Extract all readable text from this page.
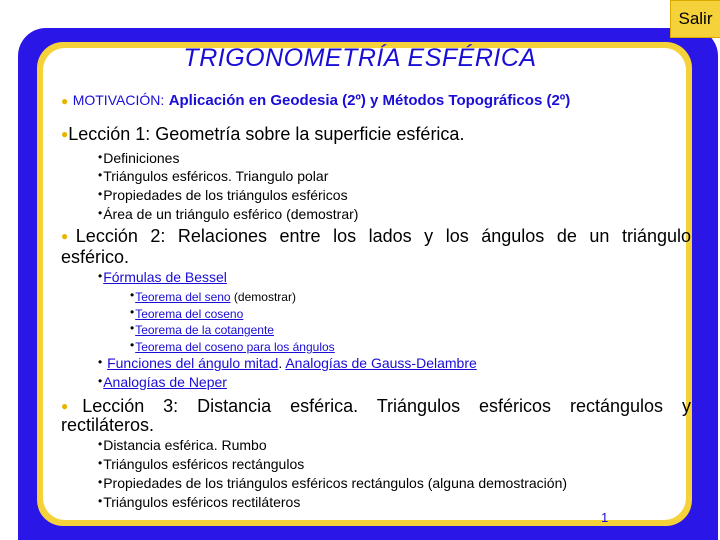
Salir
TRIGONOMETRÍA ESFÉRICA
● MOTIVACIÓN: Aplicación en Geodesia (2º) y Métodos Topográficos (2º)
●Lección 1: Geometría sobre la superficie esférica.
•Definiciones
•Triángulos esféricos. Triangulo polar
•Propiedades de los triángulos esféricos
•Área de un triángulo esférico (demostrar)
●Lección 2: Relaciones entre los lados y los ángulos de un triángulo
esférico.
•Fórmulas de Bessel
•Teorema del seno (demostrar)
•Teorema del coseno
•Teorema de la cotangente
•Teorema del coseno para los ángulos
• Funciones del ángulo mitad. Analogías de Gauss-Delambre
•Analogías de Neper
●Lección 3: Distancia esférica. Triángulos esféricos rectángulos y
rectiláteros.
•Distancia esférica. Rumbo
•Triángulos esféricos rectángulos
•Propiedades de los triángulos esféricos rectángulos (alguna demostración)
•Triángulos esféricos rectiláteros
1
